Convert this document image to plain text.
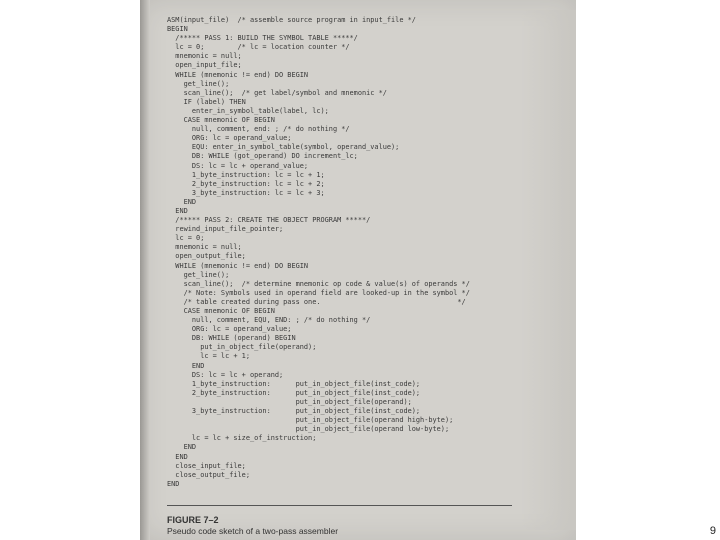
ASM(input_file)  /* assemble source program in input_file */
BEGIN
/***** PASS 1: BUILD THE SYMBOL TABLE *****/
lc = 0;        /* lc = location counter */
mnemonic = null;
open_input_file;
WHILE (mnemonic != end) DO BEGIN
get_line();
scan_line();  /* get label/symbol and mnemonic */
IF (label) THEN
enter_in_symbol_table(label, lc);
CASE mnemonic OF BEGIN
null, comment, end: ; /* do nothing */
ORG: lc = operand_value;
EQU: enter_in_symbol_table(symbol, operand_value);
DB: WHILE (got_operand) DO increment_lc;
DS: lc = lc + operand_value;
1_byte_instruction: lc = lc + 1;
2_byte_instruction: lc = lc + 2;
3_byte_instruction: lc = lc + 3;
END
END
/***** PASS 2: CREATE THE OBJECT PROGRAM *****/
rewind_input_file_pointer;
lc = 0;
mnemonic = null;
open_output_file;
WHILE (mnemonic != end) DO BEGIN
get_line();
scan_line();  /* determine mnemonic op code & value(s) of operands */
/* Note: Symbols used in operand field are looked-up in the symbol */
/* table created during pass one.                                 */
CASE mnemonic OF BEGIN
null, comment, EQU, END: ; /* do nothing */
ORG: lc = operand_value;
DB: WHILE (operand) BEGIN
put_in_object_file(operand);
lc = lc + 1;
END
DS: lc = lc + operand;
1_byte_instruction:      put_in_object_file(inst_code);
2_byte_instruction:      put_in_object_file(inst_code);
put_in_object_file(operand);
3_byte_instruction:      put_in_object_file(inst_code);
put_in_object_file(operand high-byte);
put_in_object_file(operand low-byte);
lc = lc + size_of_instruction;
END
END
close_input_file;
close_output_file;
END
FIGURE 7–2
Pseudo code sketch of a two-pass assembler	9
